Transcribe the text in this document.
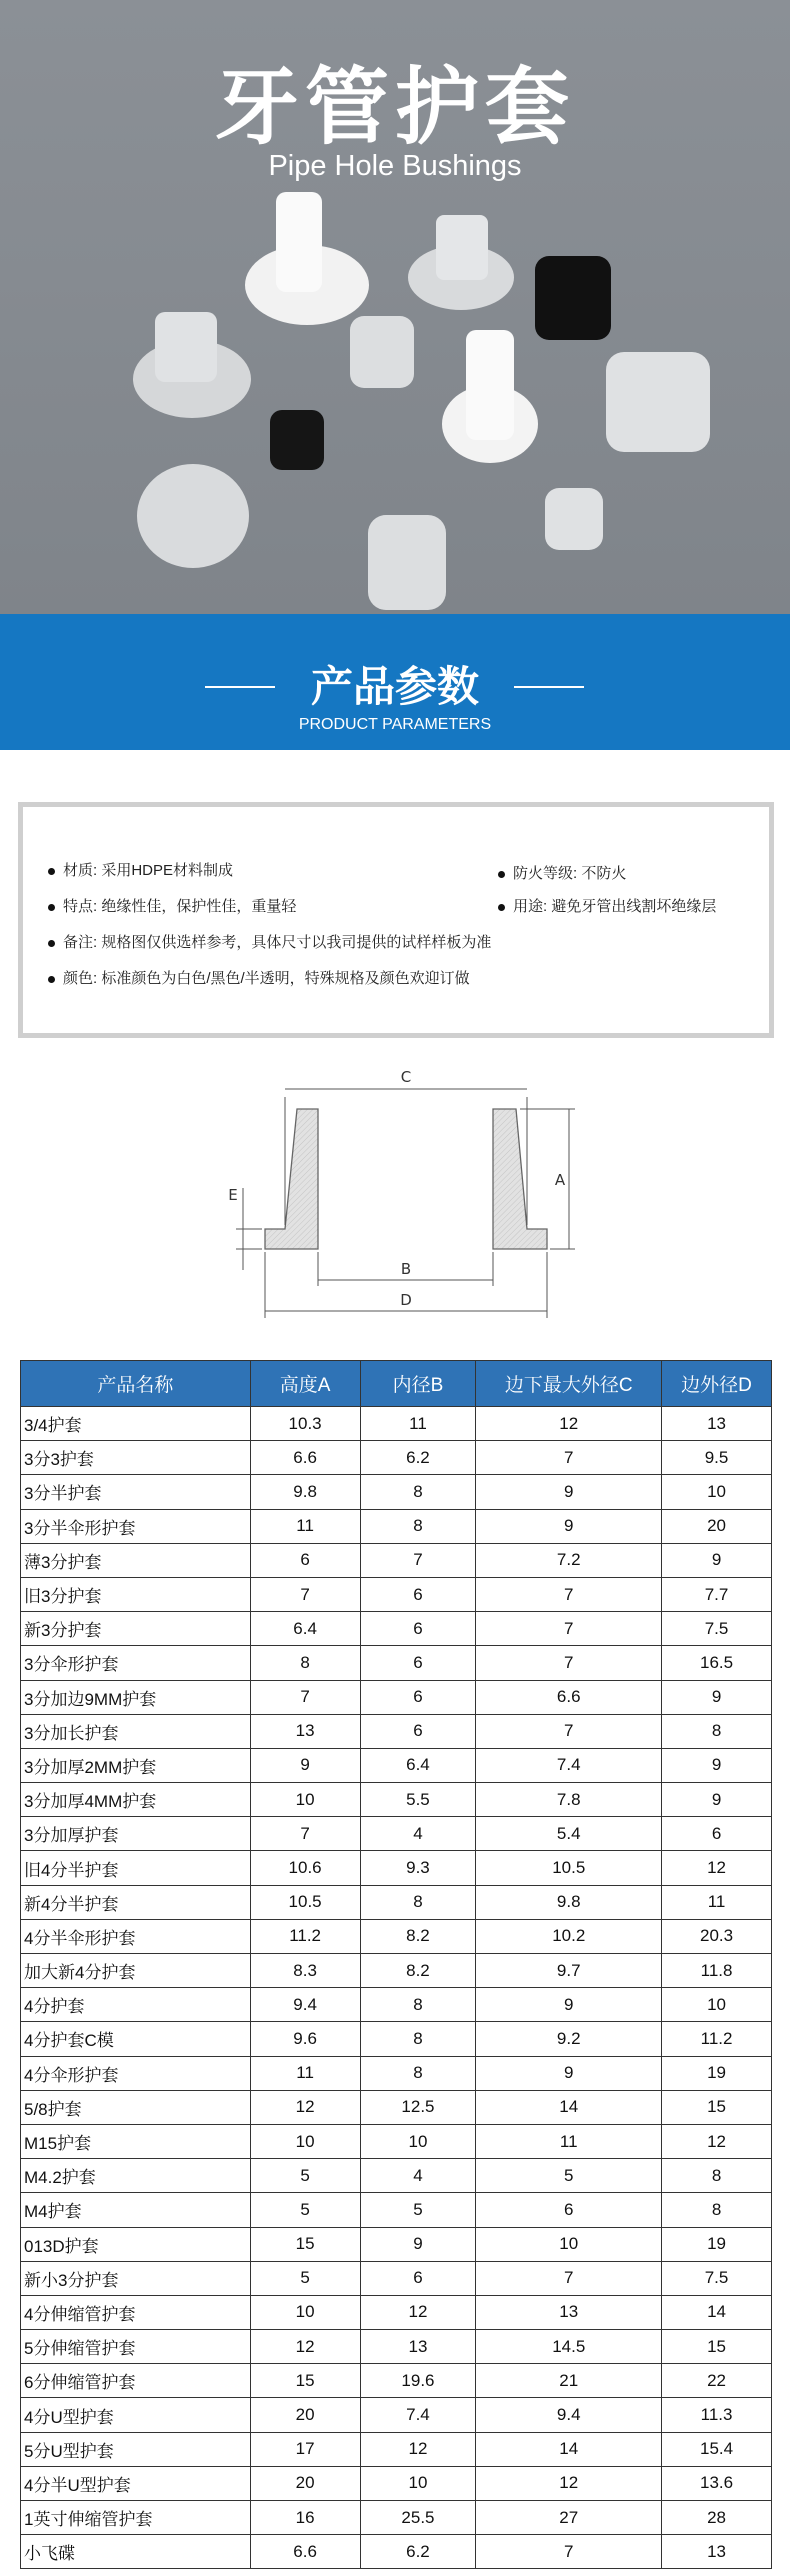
牙管护套
Pipe Hole Bushings
产品参数
PRODUCT PARAMETERS
材质: 采用HDPE材料制成	防火等级: 不防火
特点: 绝缘性佳，保护性佳，重量轻	用途: 避免牙管出线割坏绝缘层
备注: 规格图仅供选样参考，具体尺寸以我司提供的试样样板为准
颜色: 标准颜色为白色/黑色/半透明，特殊规格及颜色欢迎订做
C
A
E
B
D
产品名称	高度A	内径B	边下最大外径C	边外径D
3/4护套	10.3	11	12	13
3分3护套	6.6	6.2	7	9.5
3分半护套	9.8	8	9	10
3分半伞形护套	11	8	9	20
薄3分护套	6	7	7.2	9
旧3分护套	7	6	7	7.7
新3分护套	6.4	6	7	7.5
3分伞形护套	8	6	7	16.5
3分加边9MM护套	7	6	6.6	9
3分加长护套	13	6	7	8
3分加厚2MM护套	9	6.4	7.4	9
3分加厚4MM护套	10	5.5	7.8	9
3分加厚护套	7	4	5.4	6
旧4分半护套	10.6	9.3	10.5	12
新4分半护套	10.5	8	9.8	11
4分半伞形护套	11.2	8.2	10.2	20.3
加大新4分护套	8.3	8.2	9.7	11.8
4分护套	9.4	8	9	10
4分护套C模	9.6	8	9.2	11.2
4分伞形护套	11	8	9	19
5/8护套	12	12.5	14	15
M15护套	10	10	11	12
M4.2护套	5	4	5	8
M4护套	5	5	6	8
013D护套	15	9	10	19
新小3分护套	5	6	7	7.5
4分伸缩管护套	10	12	13	14
5分伸缩管护套	12	13	14.5	15
6分伸缩管护套	15	19.6	21	22
4分U型护套	20	7.4	9.4	11.3
5分U型护套	17	12	14	15.4
4分半U型护套	20	10	12	13.6
1英寸伸缩管护套	16	25.5	27	28
小飞碟	6.6	6.2	7	13
